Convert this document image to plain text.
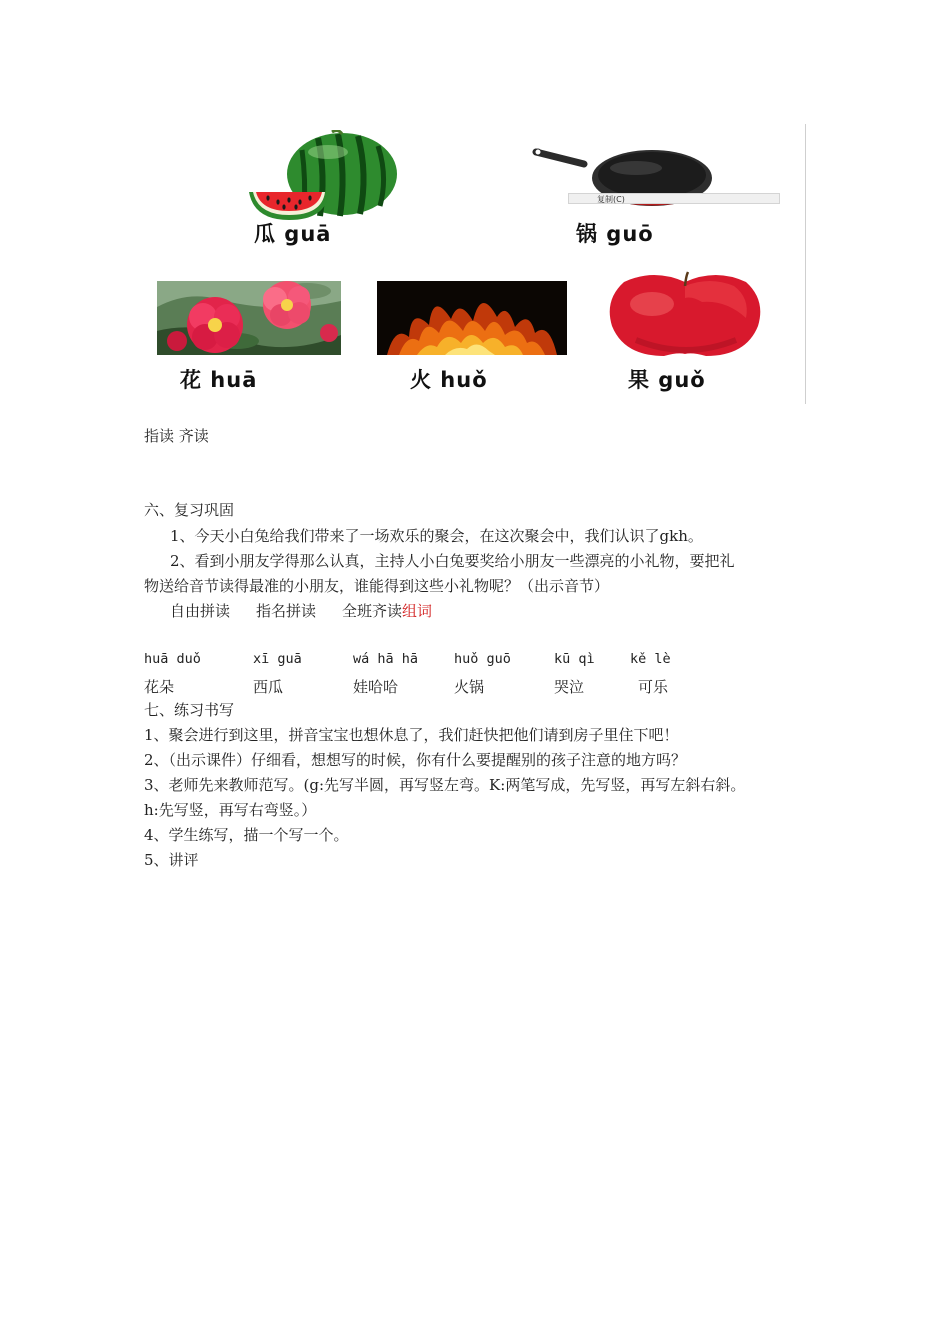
瓜 guā
复制(C)
锅 guō
花 huā	火 huǒ	果 guǒ
指读 齐读
六、复习巩固
1、今天小白兔给我们带来了一场欢乐的聚会，在这次聚会中，我们认识了gkh。
2、看到小朋友学得那么认真，主持人小白兔要奖给小朋友一些漂亮的小礼物，要把礼
物送给音节读得最准的小朋友，谁能得到这些小礼物呢？（出示音节）
自由拼读 指名拼读 全班齐读组词
huā duǒ	xī guā	wá hā hā	huǒ guō	kū qì	kě lè
花朵	西瓜	娃哈哈	火锅	哭泣	可乐
七、练习书写
1、聚会进行到这里，拼音宝宝也想休息了，我们赶快把他们请到房子里住下吧！
2、（出示课件）仔细看，想想写的时候，你有什么要提醒别的孩子注意的地方吗？
3、老师先来教师范写。(g:先写半圆，再写竖左弯。K:两笔写成，先写竖，再写左斜右斜。
h:先写竖，再写右弯竖。）
4、学生练写，描一个写一个。
5、讲评
